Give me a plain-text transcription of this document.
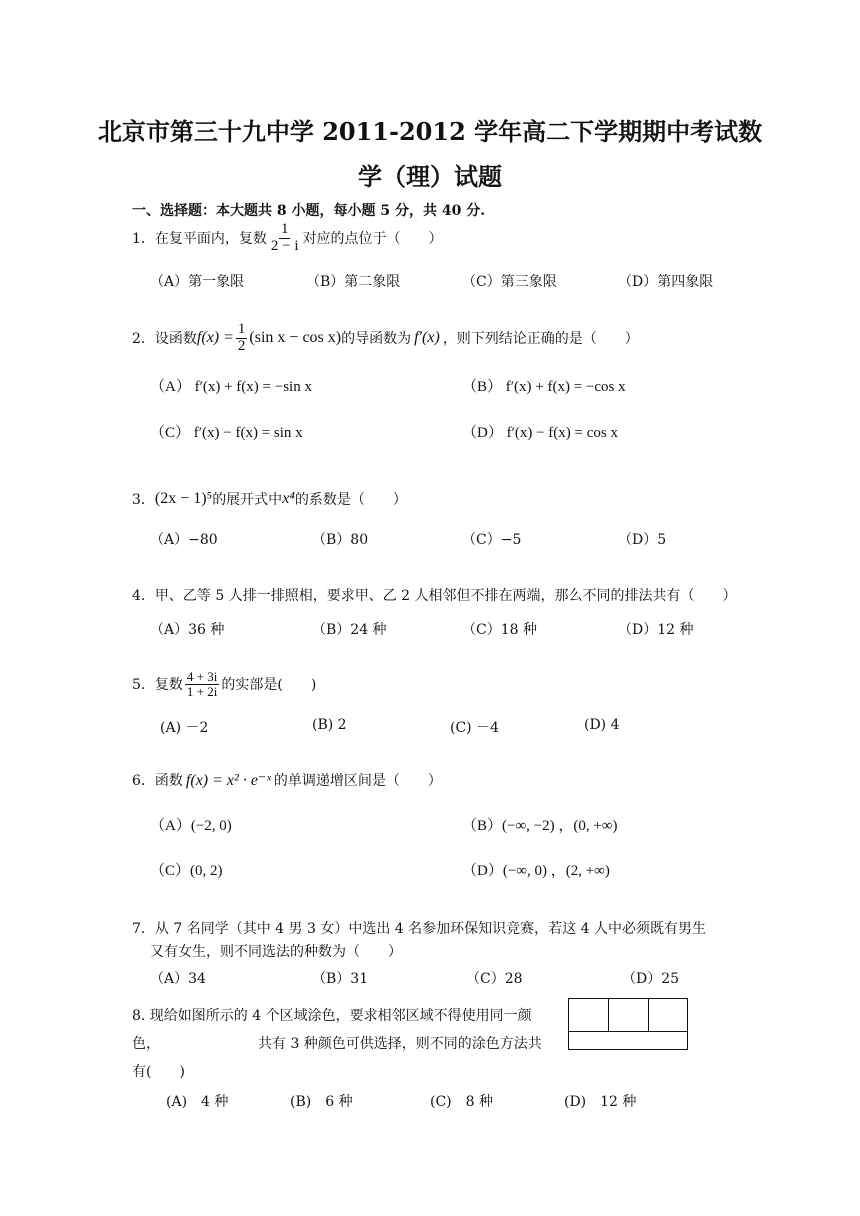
北京市第三十九中学 2011-2012 学年高二下学期期中考试数
学（理）试题
一、选择题：本大题共 8 小题，每小题 5 分，共 40 分.
1．在复平面内，复数 $\frac{1}{2 - i}$ 对应的点位于（　　）
（A）第一象限	（B）第二象限	（C）第三象限	（D）第四象限
2．设函数 $f(x) = \frac{1}{2} (\sin$ x − cos x) 的导函数为 f′(x) ，则下列结论正确的是（　　）
（A） f′(x) + f(x) = −sin x	（B） f′(x) + f(x) = −cos x
（C） f′(x) − f(x) = sin x	（D） f′(x) − f(x) = cos x
3． (2x − 1)⁵ 的展开式中 x⁴ 的系数是（　　）
（A）−80	（B）80	（C）−5	（D）5
4．甲、乙等 5 人排一排照相，要求甲、乙 2 人相邻但不排在两端，那么不同的排法共有（　　）
（A）36 种	（B）24 种	（C）18 种	（D）12 种
5．复数 $\frac{4 + 3i}{1 + 2i}$ 的实部是(　　)
(A) －2	(B) 2	(C) －4	(D) 4
6．函数 f(x) = x² · e⁻ˣ 的单调递增区间是（　　）
（A）(−2, 0)	（B）(−∞, −2) ，(0, +∞)
（C）(0, 2)	（D）(−∞, 0) ，(2, +∞)
7．从 7 名同学（其中 4 男 3 女）中选出 4 名参加环保知识竞赛，若这 4 人中必须既有男生
又有女生，则不同选法的种数为（　　）
（A）34	（B）31	（C）28	（D）25
8. 现给如图所示的 4 个区域涂色，要求相邻区域不得使用同一颜
色，	共有 3 种颜色可供选择，则不同的涂色方法共
有(　　)
(A)　4 种	(B)　6 种	(C)　8 种	(D)　12 种
